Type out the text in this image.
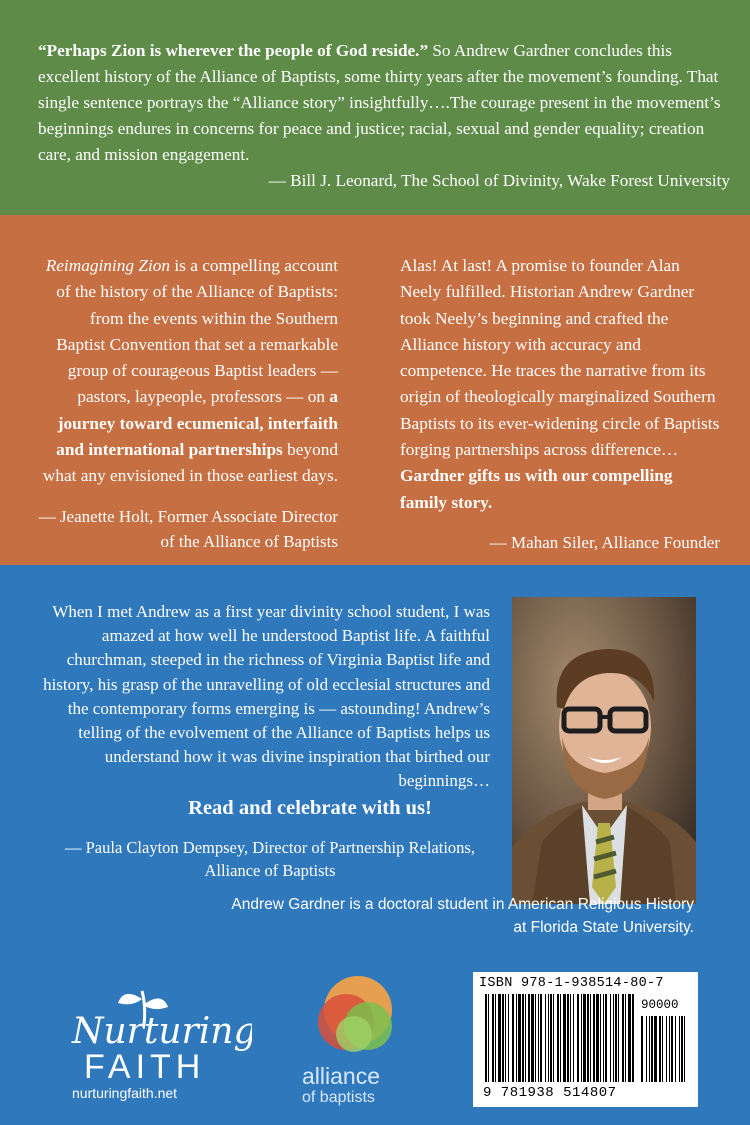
“Perhaps Zion is wherever the people of God reside.” So Andrew Gardner concludes this excellent history of the Alliance of Baptists, some thirty years after the movement’s founding. That single sentence portrays the “Alliance story” insightfully….The courage present in the movement’s beginnings endures in concerns for peace and justice; racial, sexual and gender equality; creation care, and mission engagement.

— Bill J. Leonard, The School of Divinity, Wake Forest University

Reimagining Zion is a compelling account of the history of the Alliance of Baptists: from the events within the Southern Baptist Convention that set a remarkable group of courageous Baptist leaders — pastors, laypeople, professors — on a journey toward ecumenical, interfaith and international partnerships beyond what any envisioned in those earliest days.
— Jeanette Holt, Former Associate Director of the Alliance of Baptists
Alas! At last! A promise to founder Alan Neely fulfilled. Historian Andrew Gardner took Neely’s beginning and crafted the Alliance history with accuracy and competence. He traces the narrative from its origin of theologically marginalized Southern Baptists to its ever-widening circle of Baptists forging partnerships across difference…Gardner gifts us with our compelling family story.
— Mahan Siler, Alliance Founder
When I met Andrew as a first year divinity school student, I was amazed at how well he understood Baptist life. A faithful churchman, steeped in the richness of Virginia Baptist life and history, his grasp of the unravelling of old ecclesial structures and the contemporary forms emerging is — astounding! Andrew’s telling of the evolvement of the Alliance of Baptists helps us understand how it was divine inspiration that birthed our beginnings…
Read and celebrate with us!
— Paula Clayton Dempsey, Director of Partnership Relations, Alliance of Baptists

Andrew Gardner is a doctoral student in American Religious History

at Florida State University.

Nurturing
FAITH
nurturingfaith.net
alliance
of baptists
ISBN 978-1-938514-80-7
90000
9 781938 514807
